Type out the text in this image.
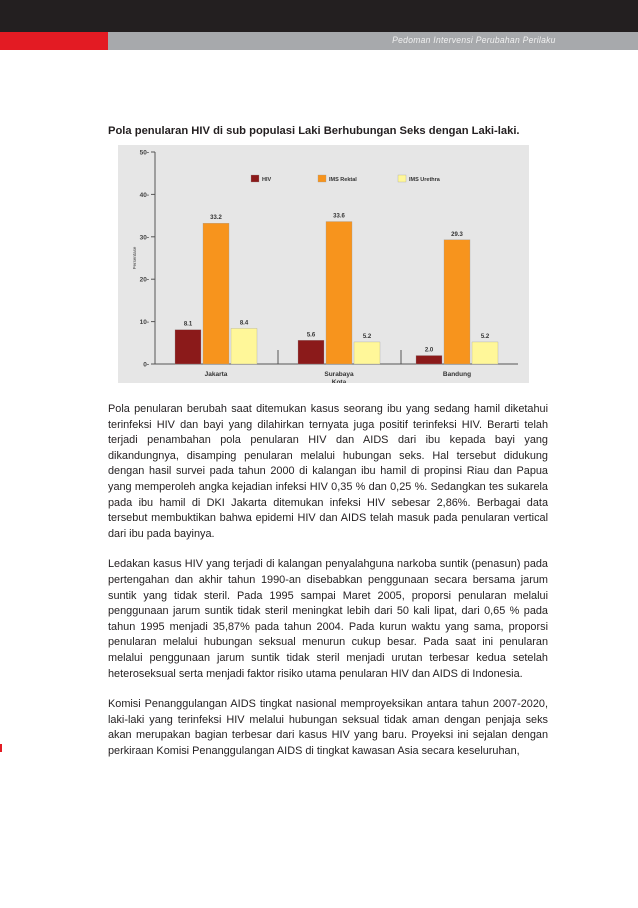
Pedoman Intervensi Perubahan Perilaku

Pola penularan HIV di sub populasi Laki Berhubungan Seks dengan Laki-laki.

0-
10-
20-
30-
40-
50-
Persentase
8.1
33.2
8.4
Jakarta
5.6
33.6
5.2
Surabaya
Kota
2.0
29.3
5.2
Bandung
HIV	IMS Rektal	IMS Urethra

Pola penularan berubah saat ditemukan kasus seorang ibu yang sedang hamil diketahui terinfeksi HIV dan bayi yang dilahirkan ternyata juga positif terinfeksi HIV. Berarti telah terjadi penambahan pola penularan HIV dan AIDS dari ibu kepada bayi yang dikandungnya, disamping penularan melalui hubungan seks. Hal tersebut didukung dengan hasil survei pada tahun 2000 di kalangan ibu hamil di propinsi Riau dan Papua yang memperoleh angka kejadian infeksi HIV 0,35 % dan 0,25 %. Sedangkan tes sukarela pada ibu hamil di DKI Jakarta ditemukan infeksi HIV sebesar 2,86%. Berbagai data tersebut membuktikan bahwa epidemi HIV dan AIDS telah masuk pada penularan vertical dari ibu pada bayinya.

Ledakan kasus HIV yang terjadi di kalangan penyalahguna narkoba suntik (penasun) pada pertengahan dan akhir tahun 1990-an disebabkan penggunaan secara bersama jarum suntik yang tidak steril. Pada 1995 sampai Maret 2005, proporsi penularan melalui penggunaan jarum suntik tidak steril meningkat lebih dari 50 kali lipat, dari 0,65 % pada tahun 1995 menjadi 35,87% pada tahun 2004. Pada kurun waktu yang sama, proporsi penularan melalui hubungan seksual menurun cukup besar. Pada saat ini penularan melalui penggunaan jarum suntik tidak steril menjadi urutan terbesar kedua setelah heteroseksual serta menjadi faktor risiko utama penularan HIV dan AIDS di Indonesia.

Komisi Penanggulangan AIDS tingkat nasional memproyeksikan antara tahun 2007-2020, laki-laki yang terinfeksi HIV melalui hubungan seksual tidak aman dengan penjaja seks akan merupakan bagian terbesar dari kasus HIV yang baru. Proyeksi ini sejalan dengan perkiraan Komisi Penanggulangan AIDS di tingkat kawasan Asia secara keseluruhan,
